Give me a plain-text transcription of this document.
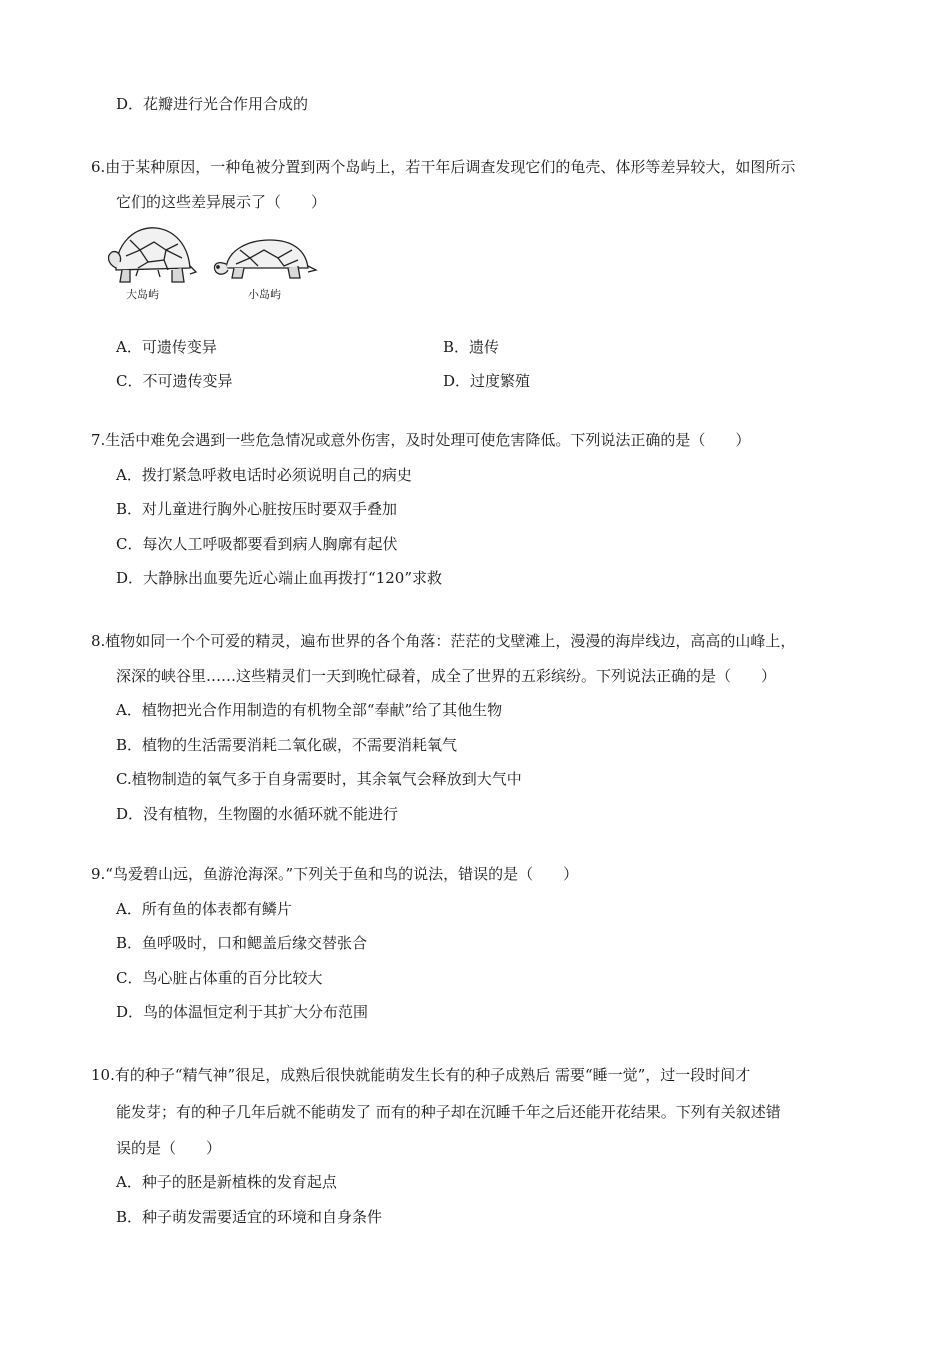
D．花瓣进行光合作用合成的
6.由于某种原因，一种龟被分置到两个岛屿上，若干年后调查发现它们的龟壳、体形等差异较大，如图所示
它们的这些差异展示了（　　）
大岛屿	小岛屿
A．可遗传变异	B．遗传
C．不可遗传变异	D．过度繁殖
7.生活中难免会遇到一些危急情况或意外伤害，及时处理可使危害降低。下列说法正确的是（　　）
A．拨打紧急呼救电话时必须说明自己的病史
B．对儿童进行胸外心脏按压时要双手叠加
C．每次人工呼吸都要看到病人胸廓有起伏
D．大静脉出血要先近心端止血再拨打“120”求救
8.植物如同一个个可爱的精灵，遍布世界的各个角落：茫茫的戈壁滩上，漫漫的海岸线边，高高的山峰上，
深深的峡谷里……这些精灵们一天到晚忙碌着，成全了世界的五彩缤纷。下列说法正确的是（　　）
A．植物把光合作用制造的有机物全部“奉献”给了其他生物
B．植物的生活需要消耗二氧化碳，不需要消耗氧气
C.植物制造的氧气多于自身需要时，其余氧气会释放到大气中
D．没有植物，生物圈的水循环就不能进行
9.“鸟爱碧山远，鱼游沧海深。”下列关于鱼和鸟的说法，错误的是（　　）
A．所有鱼的体表都有鳞片
B．鱼呼吸时，口和鳃盖后缘交替张合
C．鸟心脏占体重的百分比较大
D．鸟的体温恒定利于其扩大分布范围
10.有的种子“精气神”很足，成熟后很快就能萌发生长有的种子成熟后 需要“睡一觉”，过一段时间才
能发芽；有的种子几年后就不能萌发了 而有的种子却在沉睡千年之后还能开花结果。下列有关叙述错
误的是（　　）
A．种子的胚是新植株的发育起点
B．种子萌发需要适宜的环境和自身条件
